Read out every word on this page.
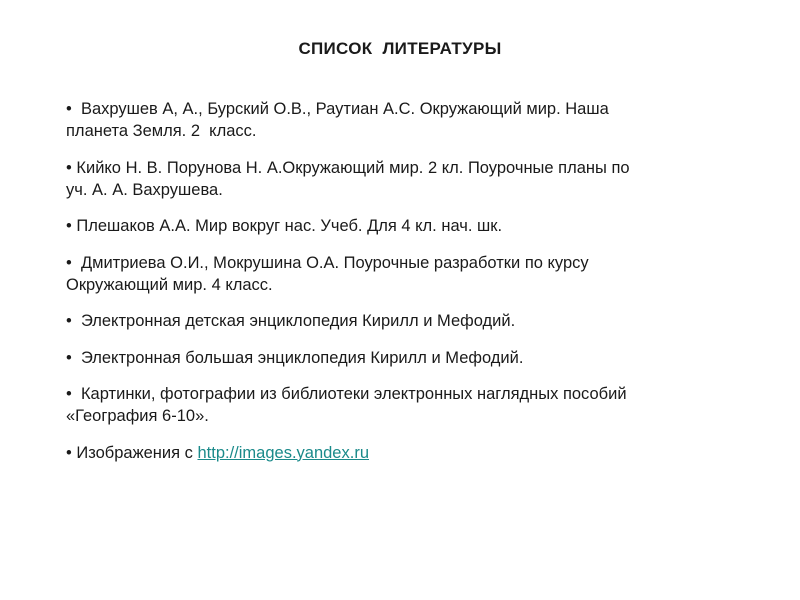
СПИСОК  ЛИТЕРАТУРЫ
•  Вахрушев А, А., Бурский О.В., Раутиан А.С. Окружающий мир. Наша
планета Земля. 2  класс.
• Кийко Н. В. Порунова Н. А.Окружающий мир. 2 кл. Поурочные планы по
уч. А. А. Вахрушева.
• Плешаков А.А. Мир вокруг нас. Учеб. Для 4 кл. нач. шк.
•  Дмитриева О.И., Мокрушина О.А. Поурочные разработки по курсу
Окружающий мир. 4 класс.
•  Электронная детская энциклопедия Кирилл и Мефодий.
•  Электронная большая энциклопедия Кирилл и Мефодий.
•  Картинки, фотографии из библиотеки электронных наглядных пособий
«География 6-10».
• Изображения с http://images.yandex.ru
